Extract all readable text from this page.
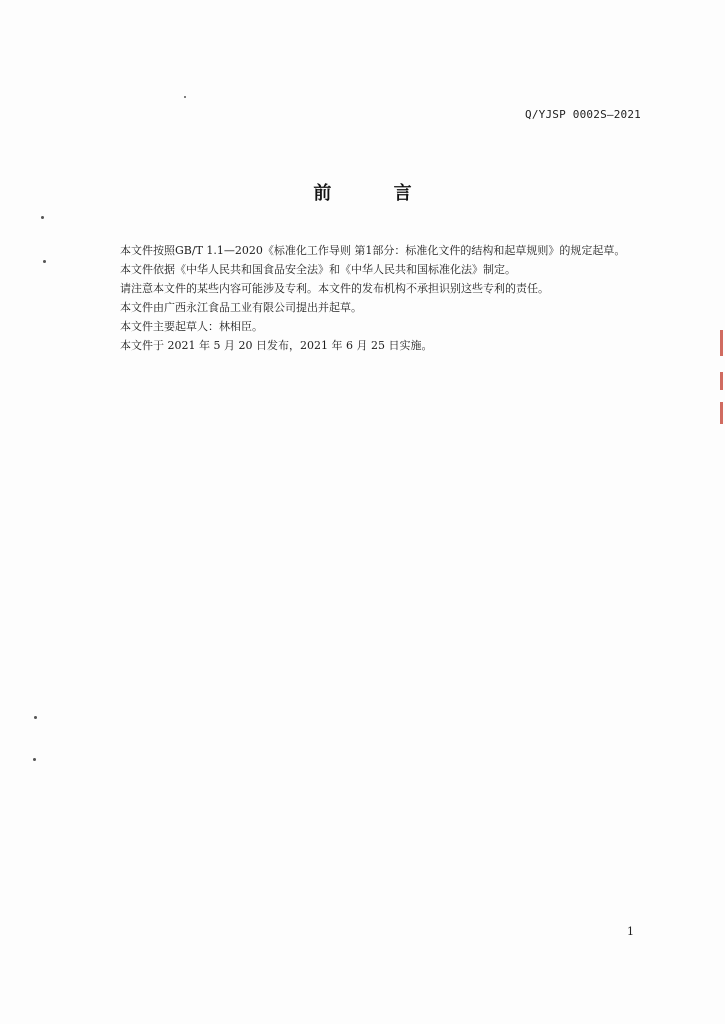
Q/YJSP 0002S—2021
前 言

本文件按照GB/T 1.1—2020《标准化工作导则 第1部分：标准化文件的结构和起草规则》的规定起草。

本文件依据《中华人民共和国食品安全法》和《中华人民共和国标准化法》制定。

请注意本文件的某些内容可能涉及专利。本文件的发布机构不承担识别这些专利的责任。

本文件由广西永江食品工业有限公司提出并起草。

本文件主要起草人：林相臣。

本文件于 2021 年 5 月 20 日发布，2021 年 6 月 25 日实施。

1
